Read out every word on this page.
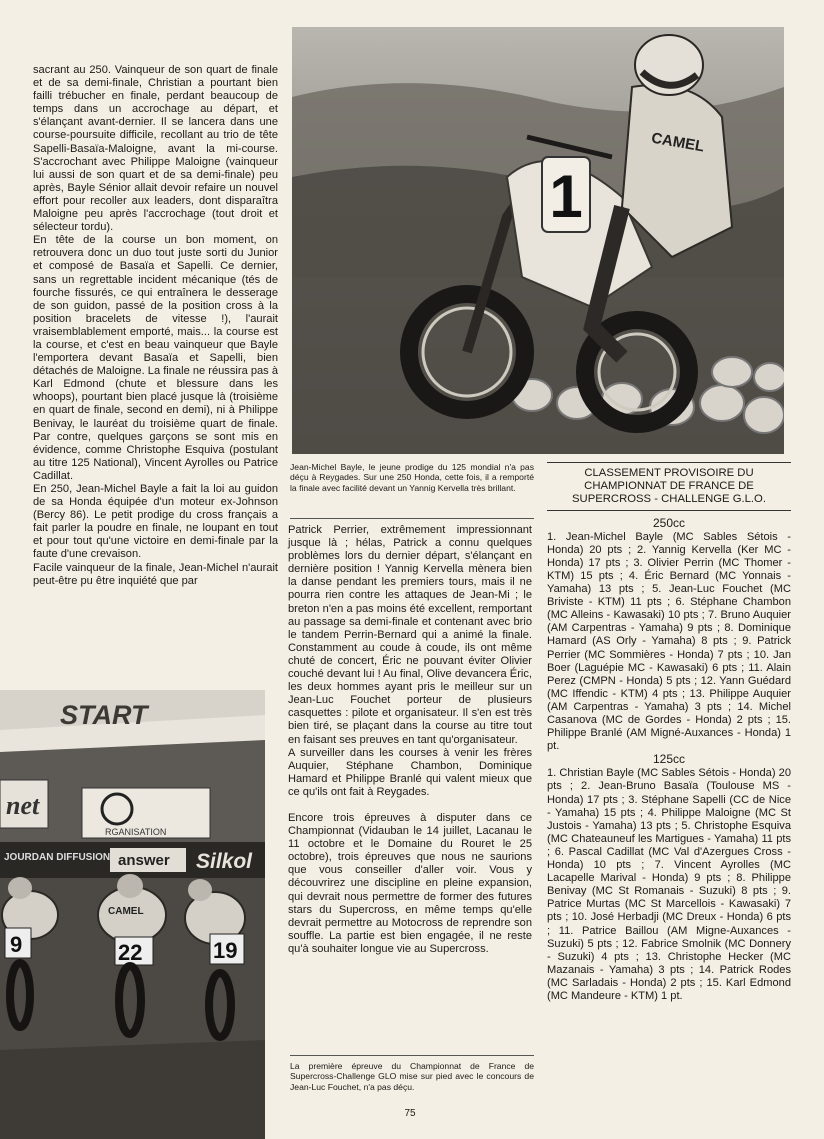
sacrant au 250. Vainqueur de son quart de finale et de sa demi-finale, Christian a pourtant bien failli trébucher en finale, perdant beaucoup de temps dans un accrochage au départ, et s'élançant avant-dernier. Il se lancera dans une course-poursuite difficile, recollant au trio de tête Sapelli-Basaïa-Maloigne, avant la mi-course. S'accrochant avec Philippe Maloigne (vainqueur lui aussi de son quart et de sa demi-finale) peu après, Bayle Sénior allait devoir refaire un nouvel effort pour recoller aux leaders, dont disparaîtra Maloigne peu après l'accrochage (tout droit et sélecteur tordu).

En tête de la course un bon moment, on retrouvera donc un duo tout juste sorti du Junior et composé de Basaïa et Sapelli. Ce dernier, sans un regrettable incident mécanique (tés de fourche fissurés, ce qui entraînera le desserage de son guidon, passé de la position cross à la position bracelets de vitesse !), l'aurait vraisemblablement emporté, mais... la course est la course, et c'est en beau vainqueur que Bayle l'emportera devant Basaïa et Sapelli, bien détachés de Maloigne. La finale ne réussira pas à Karl Edmond (chute et blessure dans les whoops), pourtant bien placé jusque là (troisième en quart de finale, second en demi), ni à Philippe Benivay, le lauréat du troisième quart de finale. Par contre, quelques garçons se sont mis en évidence, comme Christophe Esquiva (postulant au titre 125 National), Vincent Ayrolles ou Patrice Cadillat.

En 250, Jean-Michel Bayle a fait la loi au guidon de sa Honda équipée d'un moteur ex-Johnson (Bercy 86). Le petit prodige du cross français a fait parler la poudre en finale, ne loupant en tout et pour tout qu'une victoire en demi-finale par la faute d'une crevaison.

Facile vainqueur de la finale, Jean-Michel n'aurait peut-être pu être inquiété que par

1
CAMEL
Jean-Michel Bayle, le jeune prodige du 125 mondial n'a pas déçu à Reygades. Sur une 250 Honda, cette fois, il a remporté la finale avec facilité devant un Yannig Kervella très brillant.

Patrick Perrier, extrêmement impressionnant jusque là ; hélas, Patrick a connu quelques problèmes lors du dernier départ, s'élançant en dernière position ! Yannig Kervella mènera bien la danse pendant les premiers tours, mais il ne pourra rien contre les attaques de Jean-Mi ; le breton n'en a pas moins été excellent, remportant au passage sa demi-finale et contenant avec brio le tandem Perrin-Bernard qui a animé la finale. Constamment au coude à coude, ils ont même chuté de concert, Éric ne pouvant éviter Olivier couché devant lui ! Au final, Olive devancera Éric, les deux hommes ayant pris le meilleur sur un Jean-Luc Fouchet porteur de plusieurs casquettes : pilote et organisateur. Il s'en est très bien tiré, se plaçant dans la course au titre tout en faisant ses preuves en tant qu'organisateur.

A surveiller dans les courses à venir les frères Auquier, Stéphane Chambon, Dominique Hamard et Philippe Branlé qui valent mieux que ce qu'ils ont fait à Reygades.

Encore trois épreuves à disputer dans ce Championnat (Vidauban le 14 juillet, Lacanau le 11 octobre et le Domaine du Rouret le 25 octobre), trois épreuves que nous ne saurions que vous conseiller d'aller voir. Vous y découvrirez une discipline en pleine expansion, qui devrait nous permettre de former des futures stars du Supercross, en même temps qu'elle devrait permettre au Motocross de reprendre son souffle. La partie est bien engagée, il ne reste qu'à souhaiter longue vie au Supercross.

La première épreuve du Championnat de France de Supercross-Challenge GLO mise sur pied avec le concours de Jean-Luc Fouchet, n'a pas déçu.
CLASSEMENT PROVISOIRE DU CHAMPIONNAT DE FRANCE DE SUPERCROSS - CHALLENGE G.L.O.
250cc

1. Jean-Michel Bayle (MC Sables Sétois - Honda) 20 pts ; 2. Yannig Kervella (Ker MC - Honda) 17 pts ; 3. Olivier Perrin (MC Thomer - KTM) 15 pts ; 4. Éric Bernard (MC Yonnais - Yamaha) 13 pts ; 5. Jean-Luc Fouchet (MC Briviste - KTM) 11 pts ; 6. Stéphane Chambon (MC Alleins - Kawasaki) 10 pts ; 7. Bruno Auquier (AM Carpentras - Yamaha) 9 pts ; 8. Dominique Hamard (AS Orly - Yamaha) 8 pts ; 9. Patrick Perrier (MC Sommières - Honda) 7 pts ; 10. Jan Boer (Laguépie MC - Kawasaki) 6 pts ; 11. Alain Perez (CMPN - Honda) 5 pts ; 12. Yann Guédard (MC Iffendic - KTM) 4 pts ; 13. Philippe Auquier (AM Carpentras - Yamaha) 3 pts ; 14. Michel Casanova (MC de Gordes - Honda) 2 pts ; 15. Philippe Branlé (AM Migné-Auxances - Honda) 1 pt.

125cc

1. Christian Bayle (MC Sables Sétois - Honda) 20 pts ; 2. Jean-Bruno Basaïa (Toulouse MS - Honda) 17 pts ; 3. Stéphane Sapelli (CC de Nice - Yamaha) 15 pts ; 4. Philippe Maloigne (MC St Justois - Yamaha) 13 pts ; 5. Christophe Esquiva (MC Chateauneuf les Martigues - Yamaha) 11 pts ; 6. Pascal Cadillat (MC Val d'Azergues Cross - Honda) 10 pts ; 7. Vincent Ayrolles (MC Lacapelle Marival - Honda) 9 pts ; 8. Philippe Benivay (MC St Romanais - Suzuki) 8 pts ; 9. Patrice Murtas (MC St Marcellois - Kawasaki) 7 pts ; 10. José Herbadji (MC Dreux - Honda) 6 pts ; 11. Patrice Baillou (AM Migne-Auxances - Suzuki) 5 pts ; 12. Fabrice Smolnik (MC Donnery - Suzuki) 4 pts ; 13. Christophe Hecker (MC Mazanais - Yamaha) 3 pts ; 14. Patrick Rodes (MC Sarladais - Honda) 2 pts ; 15. Karl Edmond (MC Mandeure - KTM) 1 pt.

START
net
RGANISATION
JOURDAN DIFFUSION answer Silkol
CAMEL
9	22	19
75
